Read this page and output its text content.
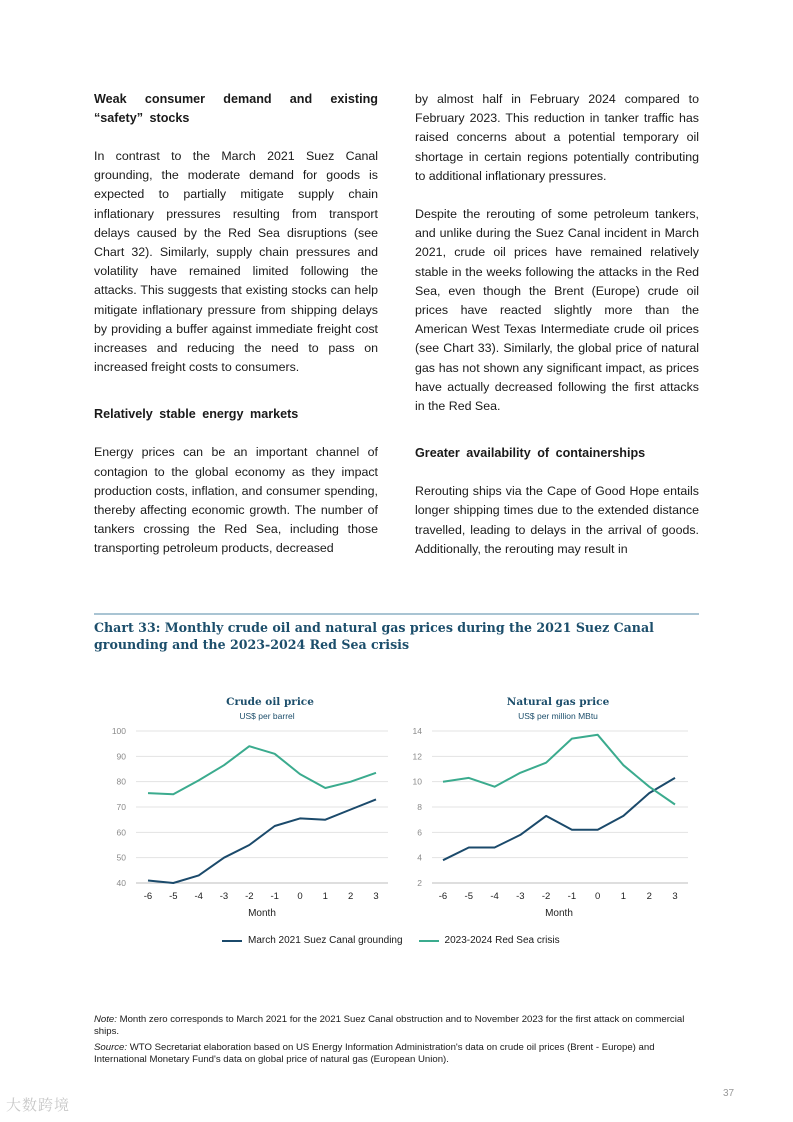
Weak consumer demand and existing “safety” stocks

In contrast to the March 2021 Suez Canal grounding, the moderate demand for goods is expected to partially mitigate supply chain inflationary pressures resulting from transport delays caused by the Red Sea disruptions (see Chart 32). Similarly, supply chain pressures and volatility have remained limited following the attacks. This suggests that existing stocks can help mitigate inflationary pressure from shipping delays by providing a buffer against immediate freight cost increases and reducing the need to pass on increased freight costs to consumers.

Relatively stable energy markets

Energy prices can be an important channel of contagion to the global economy as they impact production costs, inflation, and consumer spending, thereby affecting economic growth. The number of tankers crossing the Red Sea, including those transporting petroleum products, decreased

by almost half in February 2024 compared to February 2023. This reduction in tanker traffic has raised concerns about a potential temporary oil shortage in certain regions potentially contributing to additional inflationary pressures.

Despite the rerouting of some petroleum tankers, and unlike during the Suez Canal incident in March 2021, crude oil prices have remained relatively stable in the weeks following the attacks in the Red Sea, even though the Brent (Europe) crude oil prices have reacted slightly more than the American West Texas Intermediate crude oil prices (see Chart 33). Similarly, the global price of natural gas has not shown any significant impact, as prices have actually decreased following the first attacks in the Red Sea.

Greater availability of containerships

Rerouting ships via the Cape of Good Hope entails longer shipping times due to the extended distance travelled, leading to delays in the arrival of goods. Additionally, the rerouting may result in

Chart 33: Monthly crude oil and natural gas prices during the 2021 Suez Canal grounding and the 2023-2024 Red Sea crisis
Crude oil price
US$ per barrel
Natural gas price
US$ per million MBtu
40
50
60
70
80
90
100
-6 -5 -4 -3 -2 -1 0 1 2 3
Month
2
4
6
8
10
12
14
-6 -5 -4 -3 -2 -1 0 1 2 3
Month
March 2021 Suez Canal grounding	2023-2024 Red Sea crisis

Note: Month zero corresponds to March 2021 for the 2021 Suez Canal obstruction and to November 2023 for the first attack on commercial ships.

Source: WTO Secretariat elaboration based on US Energy Information Administration's data on crude oil prices (Brent - Europe) and International Monetary Fund's data on global price of natural gas (European Union).

大数跨境
37
